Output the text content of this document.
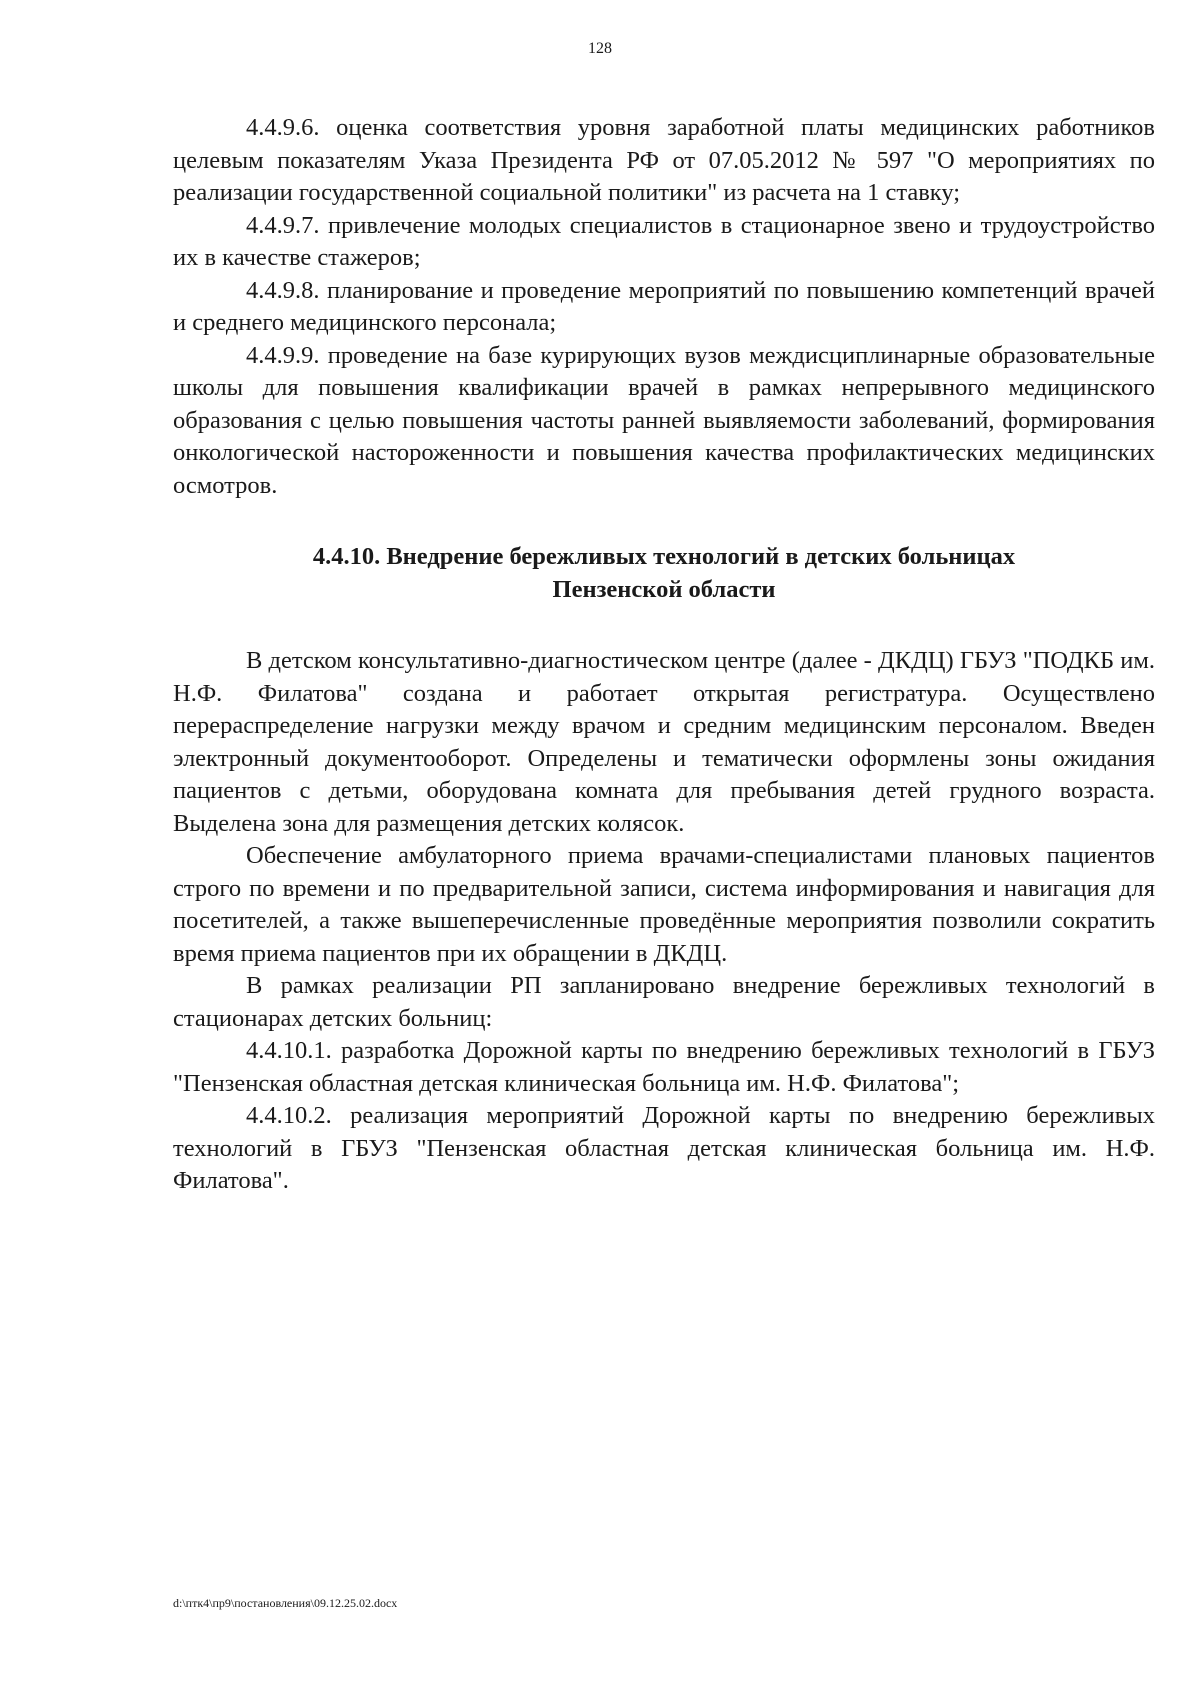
128

4.4.9.6. оценка соответствия уровня заработной платы медицинских работников целевым показателям Указа Президента РФ от 07.05.2012 № 597 "О мероприятиях по реализации государственной социальной политики" из расчета на 1 ставку;

4.4.9.7. привлечение молодых специалистов в стационарное звено и трудоустройство их в качестве стажеров;

4.4.9.8. планирование и проведение мероприятий по повышению компетенций врачей и среднего медицинского персонала;

4.4.9.9. проведение на базе курирующих вузов междисциплинарные образовательные школы для повышения квалификации врачей в рамках непрерывного медицинского образования с целью повышения частоты ранней выявляемости заболеваний, формирования онкологической настороженности и повышения качества профилактических медицинских осмотров.

4.4.10. Внедрение бережливых технологий в детских больницах
Пензенской области

В детском консультативно-диагностическом центре (далее - ДКДЦ) ГБУЗ "ПОДКБ им. Н.Ф. Филатова" создана и работает открытая регистратура. Осуществлено перераспределение нагрузки между врачом и средним медицинским персоналом. Введен электронный документооборот. Определены и тематически оформлены зоны ожидания пациентов с детьми, оборудована комната для пребывания детей грудного возраста. Выделена зона для размещения детских колясок.

Обеспечение амбулаторного приема врачами-специалистами плановых пациентов строго по времени и по предварительной записи, система информирования и навигация для посетителей, а также вышеперечисленные проведённые мероприятия позволили сократить время приема пациентов при их обращении в ДКДЦ.

В рамках реализации РП запланировано внедрение бережливых технологий в стационарах детских больниц:

4.4.10.1. разработка Дорожной карты по внедрению бережливых технологий в ГБУЗ "Пензенская областная детская клиническая больница им. Н.Ф. Филатова";

4.4.10.2. реализация мероприятий Дорожной карты по внедрению бережливых технологий в ГБУЗ "Пензенская областная детская клиническая больница им. Н.Ф. Филатова".

d:\птк4\пр9\постановления\09.12.25.02.docx
